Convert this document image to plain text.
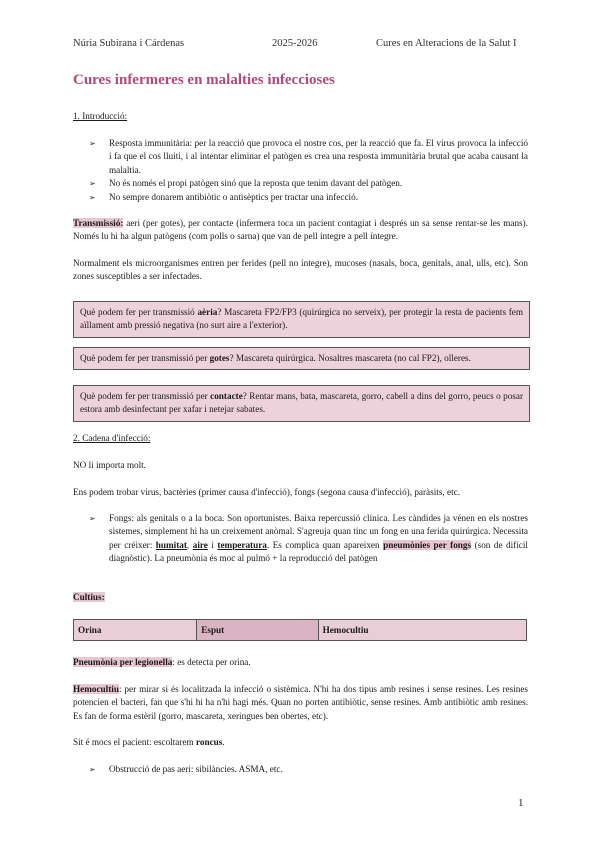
Núria Subirana i Cárdenas	2025-2026	Cures en Alteracions de la Salut I
Cures infermeres en malalties infeccioses

1. Introducció:

➢ Resposta immunitària: per la reacció que provoca el nostre cos, per la reacció que fa. El virus provoca la infecció i fa que el cos lluiti, i al intentar eliminar el patògen es crea una resposta immunitària brutal que acaba causant la malaltia.
➢ No és només el propi patògen sinó que la reposta que tenim davant del patògen.
➢ No sempre donarem antibiòtic o antisèptics per tractar una infecció.

Transmissió: aeri (per gotes), per contacte (infermera toca un pacient contagiat i després un sa sense rentar-se les mans). Només lu hi ha algun patògens (com polls o sarna) que van de pell íntegre a pell íntegre.

Normalment els microorganismes entren per ferides (pell no íntegre), mucoses (nasals, boca, genitals, anal, ulls, etc). Son zones susceptibles a ser infectades.

Què podem fer per transmissió aèria? Mascareta FP2/FP3 (quirúrgica no serveix), per protegir la resta de pacients fem aïllament amb pressió negativa (no surt aire a l'exterior).
Què podem fer per transmissió per gotes? Mascareta quirúrgica. Nosaltres mascareta (no cal FP2), olleres.
Què podem fer per transmissió per contacte? Rentar mans, bata, mascareta, gorro, cabell a dins del gorro, peucs o posar estora amb desinfectant per xafar i netejar sabates.

2. Cadena d'infecció:

NO li importa molt.

Ens podem trobar virus, bactèries (primer causa d'infecció), fongs (segona causa d'infecció), paràsits, etc.

➢ Fongs: als genitals o a la boca. Son oportunistes. Baixa repercussió clínica. Les càndides ja vénen en els nostres sistemes, simplement hi ha un creixement anòmal. S'agreuja quan tinc un fong en una ferida quirúrgica. Necessita per créixer: humitat, aire i temperatura. Es complica quan apareixen pneumònies per fongs (son de difícil diagnòstic). La pneumònia és moc al pulmó + la reproducció del patògen

Cultius:

Orina	Esput	Hemocultiu

Pneumònia per legionella: es detecta per orina.

Hemocultiu: per mirar si és localitzada la infecció o sistèmica. N'hi ha dos tipus amb resines i sense resines. Les resines potencien el bacteri, fan que s'hi hi ha n'hi hagi més. Quan no porten antibiòtic, sense resines. Amb antibiòtic amb resines. Es fan de forma estèril (gorro, mascareta, xeringues ben obertes, etc).

Sit é mocs el pacient: escoltarem roncus.

➢ Obstrucció de pas aeri: sibilàncies. ASMA, etc.
1
